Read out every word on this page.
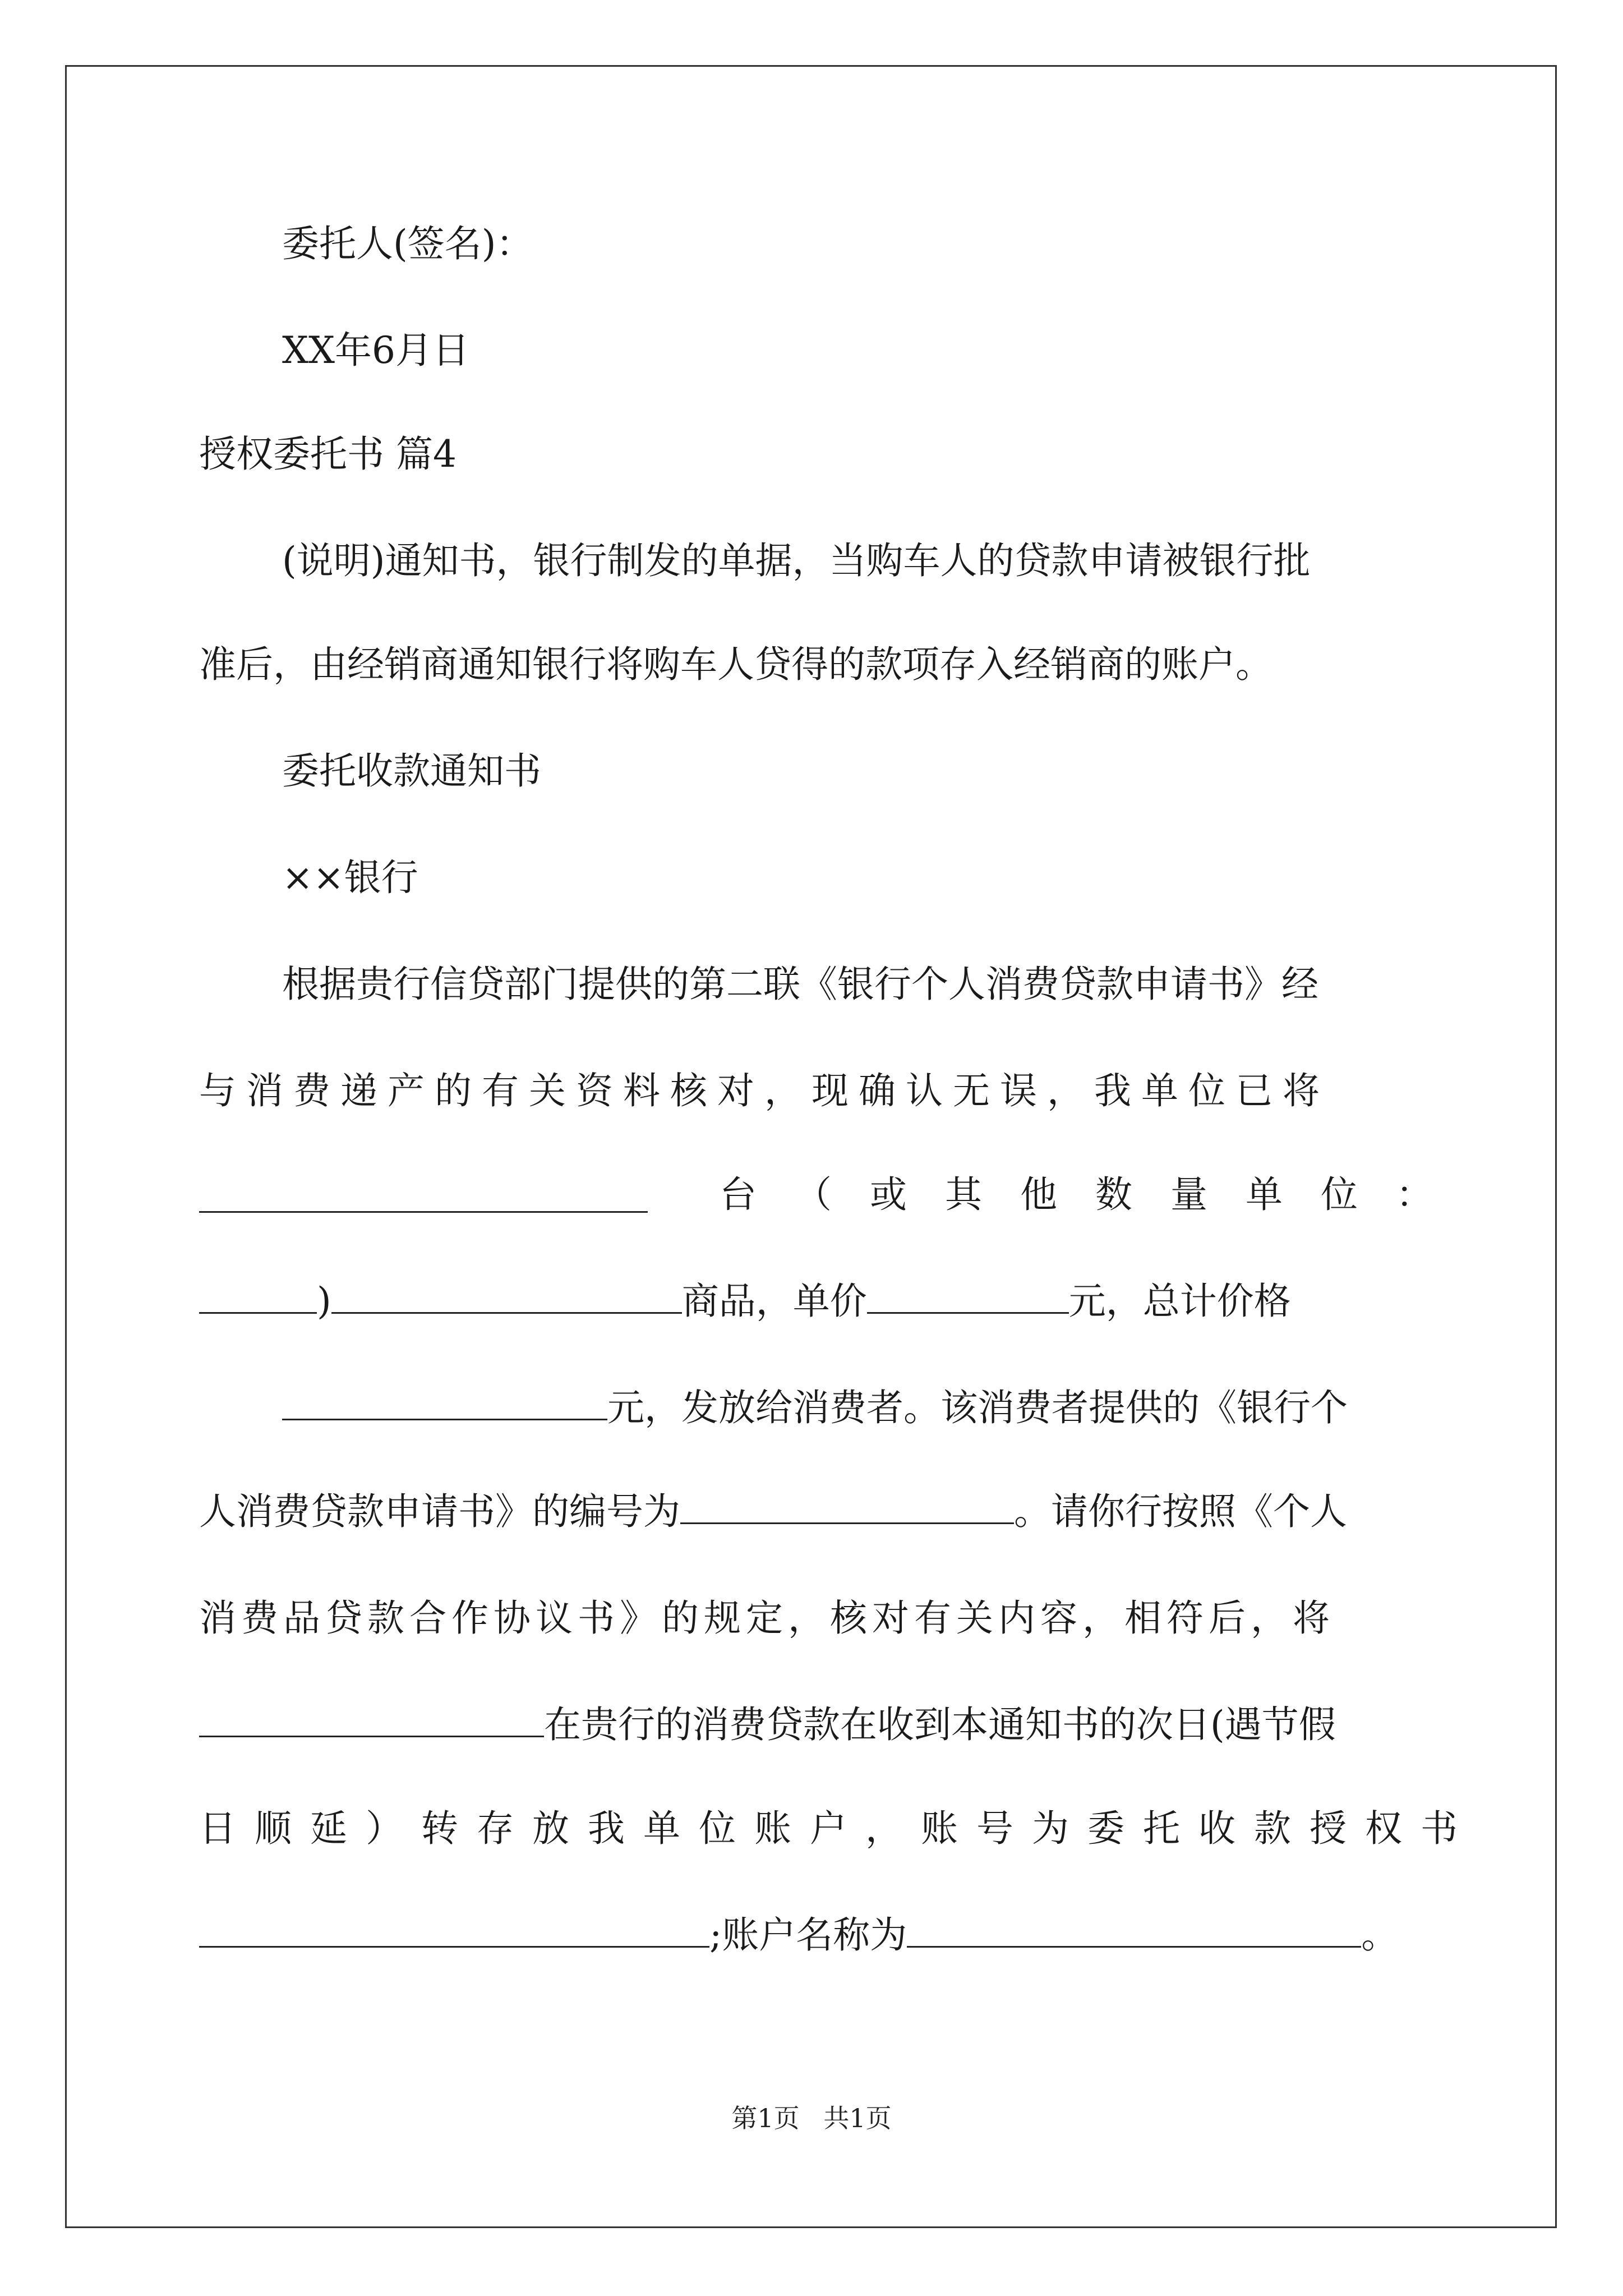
委托人(签名)：
XX年6月日
授权委托书 篇4
(说明)通知书，银行制发的单据，当购车人的贷款申请被银行批
准后，由经销商通知银行将购车人贷得的款项存入经销商的账户。
委托收款通知书
××银行
根据贵行信贷部门提供的第二联《银行个人消费贷款申请书》经
与消费递产的有关资料核对，现确认无误，我单位已将
台（或其他数量单位：
)	商品，单价	元，总计价格
元，发放给消费者。该消费者提供的《银行个
人消费贷款申请书》的编号为	。请你行按照《个人
消费品贷款合作协议书》的规定，核对有关内容，相符后，将
在贵行的消费贷款在收到本通知书的次日(遇节假
日顺延）转存放我单位账户，账号为委托收款授权书
;账户名称为	。
第1页 共1页
